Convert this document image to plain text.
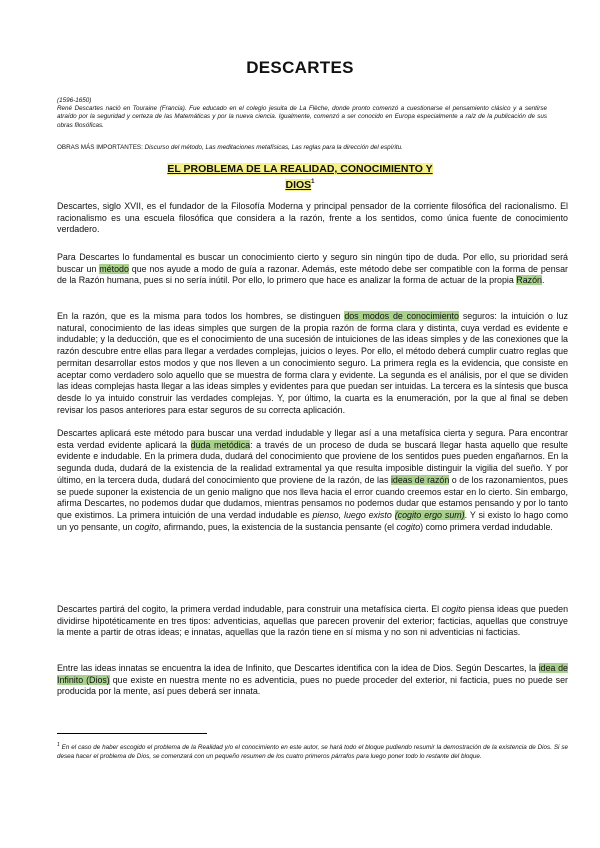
DESCARTES
(1596-1650)
René Descartes nació en Touraine (Francia). Fue educado en el colegio jesuita de La Flèche, donde pronto comenzó a cuestionarse el pensamiento clásico y a sentirse atraído por la seguridad y certeza de las Matemáticas y por la nueva ciencia. Igualmente, comenzó a ser conocido en Europa especialmente a raíz de la publicación de sus obras filosóficas.
OBRAS MÁS IMPORTANTES: Discurso del método, Las meditaciones metafísicas, Las reglas para la dirección del espíritu.
EL PROBLEMA DE LA REALIDAD, CONOCIMIENTO Y
DIOS$^1$

Descartes, siglo XVII, es el fundador de la Filosofía Moderna y principal pensador de la corriente filosófica del racionalismo. El racionalismo es una escuela filosófica que considera a la razón, frente a los sentidos, como única fuente de conocimiento verdadero.

Para Descartes lo fundamental es buscar un conocimiento cierto y seguro sin ningún tipo de duda. Por ello, su prioridad será buscar un método que nos ayude a modo de guía a razonar. Además, este método debe ser compatible con la forma de pensar de la Razón humana, pues si no sería inútil. Por ello, lo primero que hace es analizar la forma de actuar de la propia Razón.

En la razón, que es la misma para todos los hombres, se distinguen dos modos de conocimiento seguros: la intuición o luz natural, conocimiento de las ideas simples que surgen de la propia razón de forma clara y distinta, cuya verdad es evidente e indudable; y la deducción, que es el conocimiento de una sucesión de intuiciones de las ideas simples y de las conexiones que la razón descubre entre ellas para llegar a verdades complejas, juicios o leyes. Por ello, el método deberá cumplir cuatro reglas que permitan desarrollar estos modos y que nos lleven a un conocimiento seguro. La primera regla es la evidencia, que consiste en aceptar como verdadero solo aquello que se muestra de forma clara y evidente. La segunda es el análisis, por el que se dividen las ideas complejas hasta llegar a las ideas simples y evidentes para que puedan ser intuidas. La tercera es la síntesis que busca desde lo ya intuido construir las verdades complejas. Y, por último, la cuarta es la enumeración, por la que al final se deben revisar los pasos anteriores para estar seguros de su correcta aplicación.

Descartes aplicará este método para buscar una verdad indudable y llegar así a una metafísica cierta y segura. Para encontrar esta verdad evidente aplicará la duda metódica: a través de un proceso de duda se buscará llegar hasta aquello que resulte evidente e indudable. En la primera duda, dudará del conocimiento que proviene de los sentidos pues pueden engañarnos. En la segunda duda, dudará de la existencia de la realidad extramental ya que resulta imposible distinguir la vigilia del sueño. Y por último, en la tercera duda, dudará del conocimiento que proviene de la razón, de las ideas de razón o de los razonamientos, pues se puede suponer la existencia de un genio maligno que nos lleva hacia el error cuando creemos estar en lo cierto. Sin embargo, afirma Descartes, no podemos dudar que dudamos, mientras pensamos no podemos dudar que estamos pensando y por lo tanto que existimos. La primera intuición de una verdad indudable es pienso, luego existo (cogito ergo sum). Y si existo lo hago como un yo pensante, un cogito, afirmando, pues, la existencia de la sustancia pensante (el cogito) como primera verdad indudable.

Descartes partirá del cogito, la primera verdad indudable, para construir una metafísica cierta. El cogito piensa ideas que pueden dividirse hipotéticamente en tres tipos: adventicias, aquellas que parecen provenir del exterior; facticias, aquellas que construye la mente a partir de otras ideas; e innatas, aquellas que la razón tiene en sí misma y no son ni adventicias ni facticias.

Entre las ideas innatas se encuentra la idea de Infinito, que Descartes identifica con la idea de Dios. Según Descartes, la idea de Infinito (Dios) que existe en nuestra mente no es adventicia, pues no puede proceder del exterior, ni facticia, pues no puede ser producida por la mente, así pues deberá ser innata.

$^1$ En el caso de haber escogido el problema de la Realidad y/o el conocimiento en este autor, se hará todo el bloque pudiendo resumir la demostración de la existencia de Dios. Si se desea hacer el problema de Dios, se comenzará con un pequeño resumen de los cuatro primeros párrafos para luego poner todo lo restante del bloque.
